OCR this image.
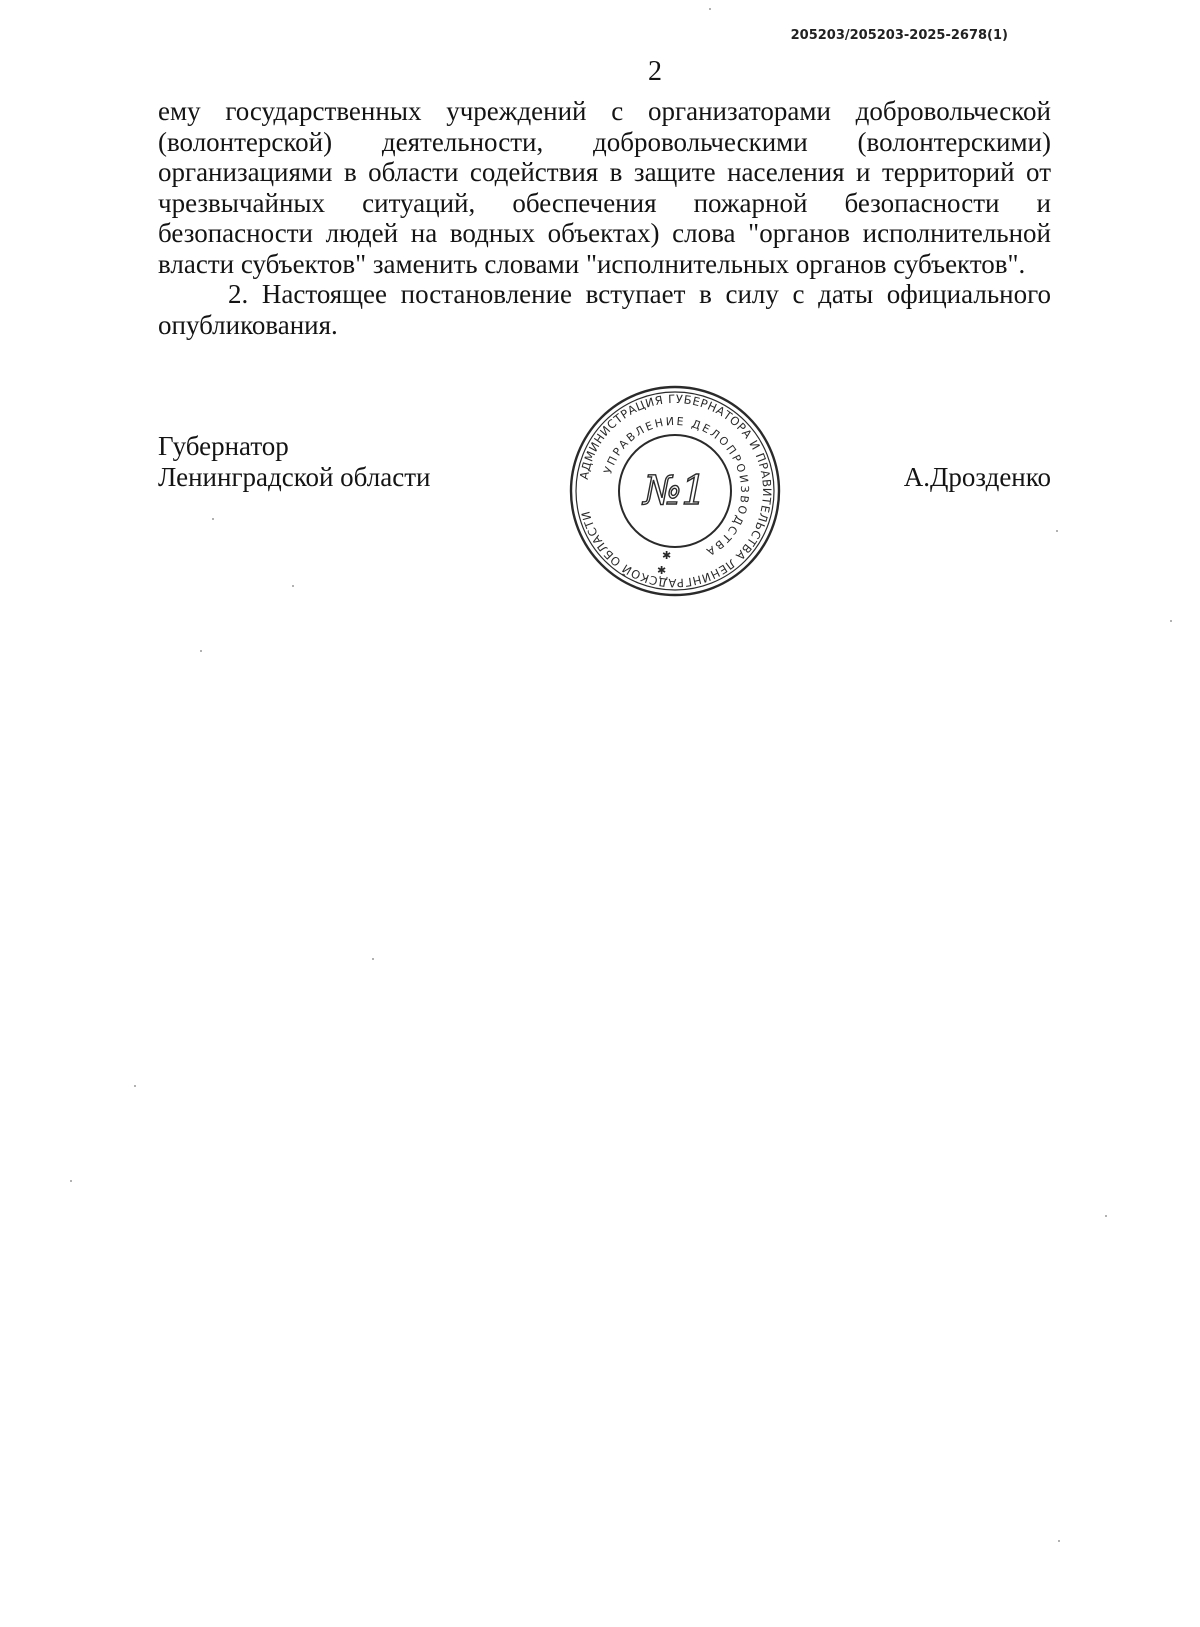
205203/205203-2025-2678(1)
2

ему государственных учреждений с организаторами добровольческой (волонтерской) деятельности, добровольческими (волонтерскими) организациями в области содействия в защите населения и территорий от чрезвычайных ситуаций, обеспечения пожарной безопасности и безопасности людей на водных объектах) слова "органов исполнительной власти субъектов" заменить словами "исполнительных органов субъектов".

2. Настоящее постановление вступает в силу с даты официального опубликования.

Губернатор
Ленинградской области	АДМИНИСТРАЦИЯ ГУБЕРНАТОРА И ПРАВИТЕЛЬСТВА ЛЕНИНГРАДСКОЙ ОБЛАСТИ
УПРАВЛЕНИЕ ДЕЛОПРОИЗВОДСТВА
№1
✱
✱
А.Дрозденко
